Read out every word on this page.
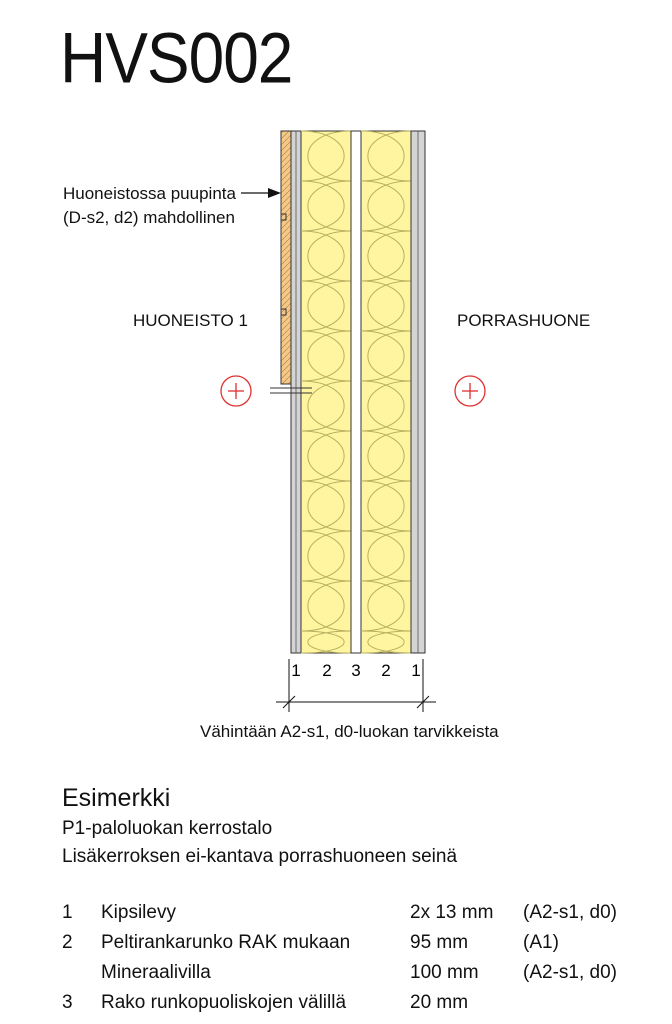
HVS002
1 2 3 2 1
Huoneistossa puupinta
(D-s2, d2) mahdollinen
HUONEISTO 1	PORRASHUONE
Vähintään A2-s1, d0-luokan tarvikkeista
Esimerkki
P1-paloluokan kerrostalo
Lisäkerroksen ei-kantava porrashuoneen seinä
1 Kipsilevy	2x 13 mm (A2-s1, d0)
2 Peltirankarunko RAK mukaan	95 mm	(A1)
Mineraalivilla	100 mm (A2-s1, d0)
3 Rako runkopuoliskojen välillä	20 mm
